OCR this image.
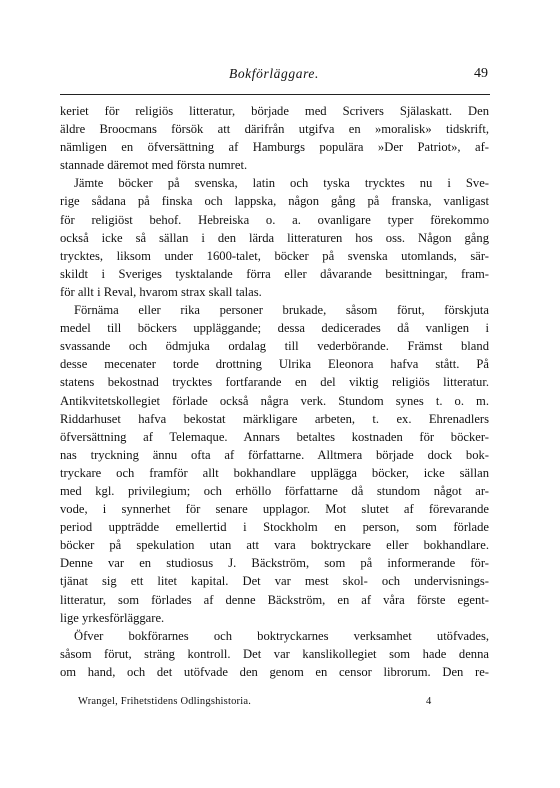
Bokförläggare.	49
keriet för religiös litteratur, började med Scrivers Själaskatt. Den
äldre Broocmans försök att därifrån utgifva en »moralisk» tidskrift,
nämligen en öfversättning af Hamburgs populära »Der Patriot», af-
stannade däremot med första numret.
Jämte böcker på svenska, latin och tyska trycktes nu i Sve-
rige sådana på finska och lappska, någon gång på franska, vanligast
för religiöst behof. Hebreiska o. a. ovanligare typer förekommo
också icke så sällan i den lärda litteraturen hos oss. Någon gång
trycktes, liksom under 1600-talet, böcker på svenska utomlands, sär-
skildt i Sveriges tysktalande förra eller dåvarande besittningar, fram-
för allt i Reval, hvarom strax skall talas.
Förnäma eller rika personer brukade, såsom förut, förskjuta
medel till böckers uppläggande; dessa dedicerades då vanligen i
svassande och ödmjuka ordalag till vederbörande. Främst bland
desse mecenater torde drottning Ulrika Eleonora hafva stått. På
statens bekostnad trycktes fortfarande en del viktig religiös litteratur.
Antikvitetskollegiet förlade också några verk. Stundom synes t. o. m.
Riddarhuset hafva bekostat märkligare arbeten, t. ex. Ehrenadlers
öfversättning af Telemaque. Annars betaltes kostnaden för böcker-
nas tryckning ännu ofta af författarne. Alltmera började dock bok-
tryckare och framför allt bokhandlare uppläggа böcker, icke sällan
med kgl. privilegium; och erhöllo författarne då stundom något ar-
vode, i synnerhet för senare upplagor. Mot slutet af förevarande
period uppträdde emellertid i Stockholm en person, som förlade
böcker på spekulation utan att vara boktryckare eller bokhandlare.
Denne var en studiosus J. Bäckström, som på informerande för-
tjänat sig ett litet kapital. Det var mest skol- och undervisnings-
litteratur, som förlades af denne Bäckström, en af våra förste egent-
lige yrkesförläggare.
Öfver bokförarnes och boktryckarnes verksamhet utöfvades,
såsom förut, sträng kontroll. Det var kanslikollegiet som hade denna
om hand, och det utöfvade den genom en censor librorum. Den re-
Wrangel, Frihetstidens Odlingshistoria.	4
